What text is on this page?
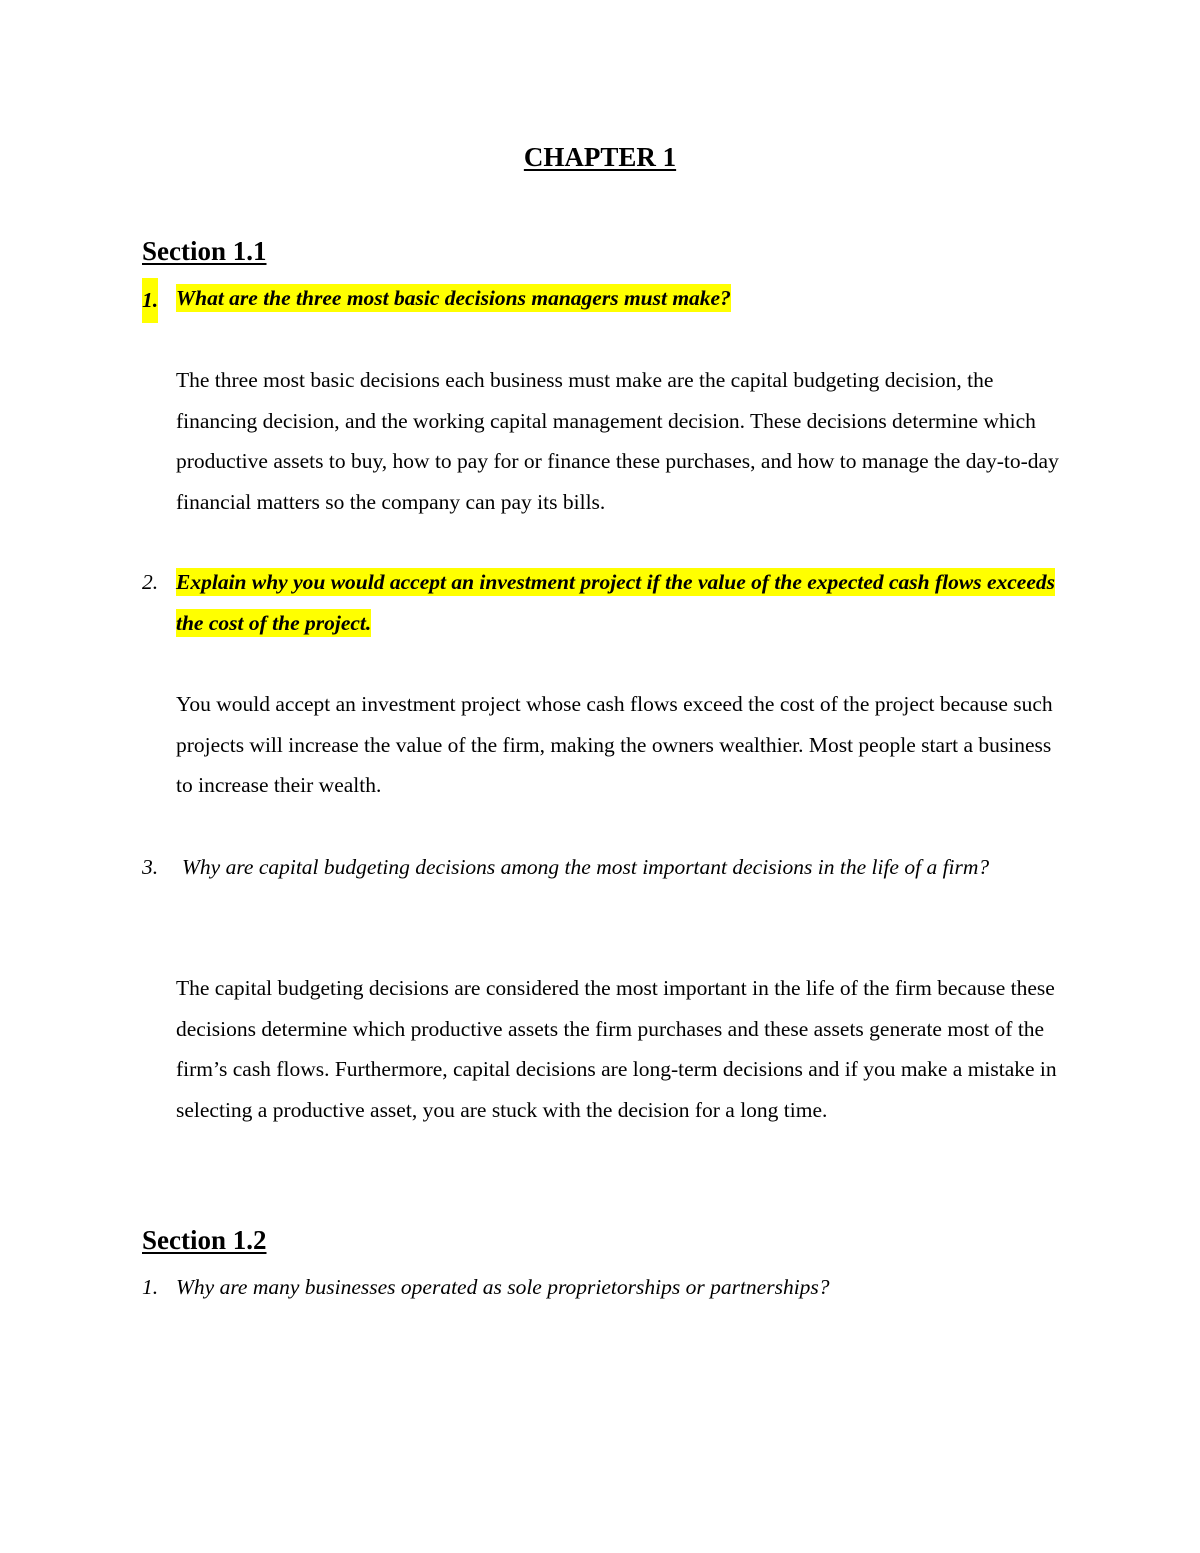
CHAPTER 1
Section 1.1
1. What are the three most basic decisions managers must make?
The three most basic decisions each business must make are the capital budgeting decision, the financing decision, and the working capital management decision. These decisions determine which productive assets to buy, how to pay for or finance these purchases, and how to manage the day-to-day financial matters so the company can pay its bills.
2. Explain why you would accept an investment project if the value of the expected cash flows exceeds the cost of the project.
You would accept an investment project whose cash flows exceed the cost of the project because such projects will increase the value of the firm, making the owners wealthier. Most people start a business to increase their wealth.
3. Why are capital budgeting decisions among the most important decisions in the life of a firm?
The capital budgeting decisions are considered the most important in the life of the firm because these decisions determine which productive assets the firm purchases and these assets generate most of the firm’s cash flows. Furthermore, capital decisions are long-term decisions and if you make a mistake in selecting a productive asset, you are stuck with the decision for a long time.
Section 1.2
1. Why are many businesses operated as sole proprietorships or partnerships?
